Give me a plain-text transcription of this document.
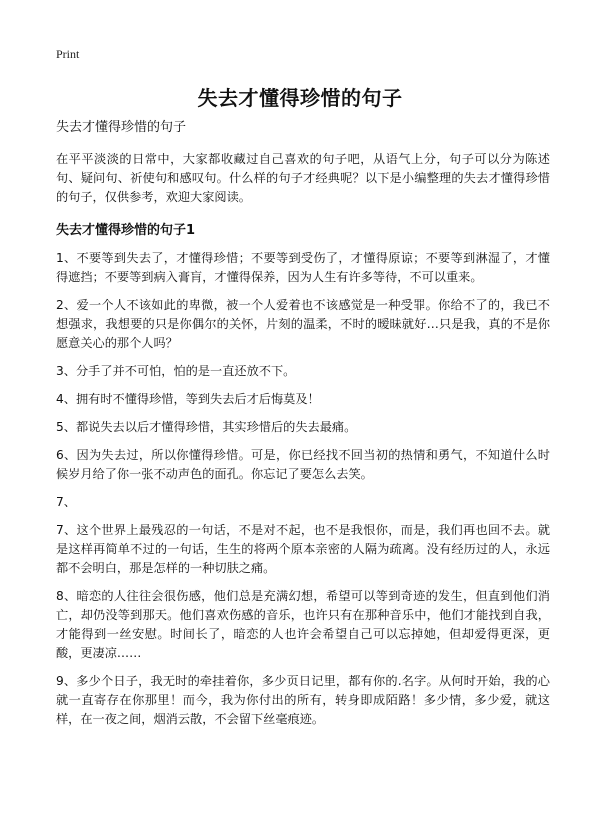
Print
失去才懂得珍惜的句子
失去才懂得珍惜的句子

在平平淡淡的日常中，大家都收藏过自己喜欢的句子吧，从语气上分，句子可以分为陈述句、疑问句、祈使句和感叹句。什么样的句子才经典呢？以下是小编整理的失去才懂得珍惜的句子，仅供参考，欢迎大家阅读。

失去才懂得珍惜的句子1

1、不要等到失去了，才懂得珍惜；不要等到受伤了，才懂得原谅；不要等到淋湿了，才懂得遮挡；不要等到病入膏肓，才懂得保养，因为人生有许多等待，不可以重来。

2、爱一个人不该如此的卑微，被一个人爱着也不该感觉是一种受罪。你给不了的，我已不想强求，我想要的只是你偶尔的关怀，片刻的温柔，不时的暧昧就好…只是我，真的不是你愿意关心的那个人吗？

3、分手了并不可怕，怕的是一直还放不下。

4、拥有时不懂得珍惜，等到失去后才后悔莫及！

5、都说失去以后才懂得珍惜，其实珍惜后的失去最痛。

6、因为失去过，所以你懂得珍惜。可是，你已经找不回当初的热情和勇气，不知道什么时候岁月给了你一张不动声色的面孔。你忘记了要怎么去笑。

7、

7、这个世界上最残忍的一句话，不是对不起，也不是我恨你，而是，我们再也回不去。就是这样再简单不过的一句话，生生的将两个原本亲密的人隔为疏离。没有经历过的人，永远都不会明白，那是怎样的一种切肤之痛。

8、暗恋的人往往会很伤感，他们总是充满幻想，希望可以等到奇迹的发生，但直到他们消亡，却仍没等到那天。他们喜欢伤感的音乐，也许只有在那种音乐中，他们才能找到自我，才能得到一丝安慰。时间长了，暗恋的人也许会希望自己可以忘掉她，但却爱得更深，更酸，更凄凉……

9、多少个日子，我无时的牵挂着你，多少页日记里，都有你的.名字。从何时开始，我的心就一直寄存在你那里！而今，我为你付出的所有，转身即成陌路！多少情，多少爱，就这样，在一夜之间，烟消云散，不会留下丝毫痕迹。
